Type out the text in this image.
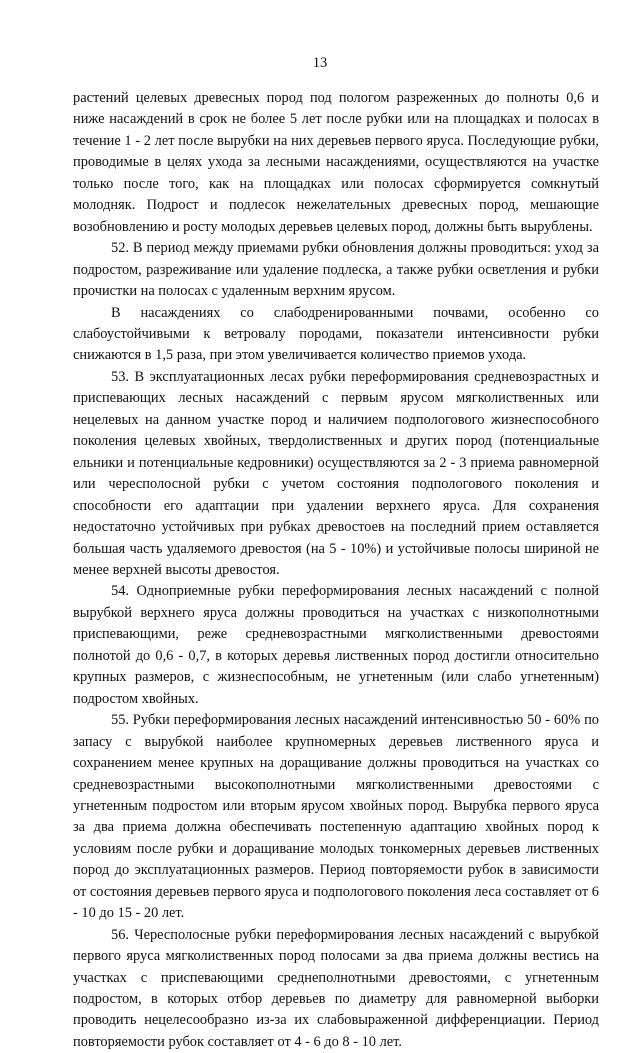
13

растений целевых древесных пород под пологом разреженных до полноты 0,6 и ниже насаждений в срок не более 5 лет после рубки или на площадках и полосах в течение 1 - 2 лет после вырубки на них деревьев первого яруса. Последующие рубки, проводимые в целях ухода за лесными насаждениями, осуществляются на участке только после того, как на площадках или полосах сформируется сомкнутый молодняк. Подрост и подлесок нежелательных древесных пород, мешающие возобновлению и росту молодых деревьев целевых пород, должны быть вырублены.

52. В период между приемами рубки обновления должны проводиться: уход за подростом, разреживание или удаление подлеска, а также рубки осветления и рубки прочистки на полосах с удаленным верхним ярусом.

В насаждениях со слабодренированными почвами, особенно со слабоустойчивыми к ветровалу породами, показатели интенсивности рубки снижаются в 1,5 раза, при этом увеличивается количество приемов ухода.

53. В эксплуатационных лесах рубки переформирования средневозрастных и приспевающих лесных насаждений с первым ярусом мягколиственных или нецелевых на данном участке пород и наличием подпологового жизнеспособного поколения целевых хвойных, твердолиственных и других пород (потенциальные ельники и потенциальные кедровники) осуществляются за 2 - 3 приема равномерной или чересполосной рубки с учетом состояния подпологового поколения и способности его адаптации при удалении верхнего яруса. Для сохранения недостаточно устойчивых при рубках древостоев на последний прием оставляется большая часть удаляемого древостоя (на 5 - 10%) и устойчивые полосы шириной не менее верхней высоты древостоя.

54. Одноприемные рубки переформирования лесных насаждений с полной вырубкой верхнего яруса должны проводиться на участках с низкополнотными приспевающими, реже средневозрастными мягколиственными древостоями полнотой до 0,6 - 0,7, в которых деревья лиственных пород достигли относительно крупных размеров, с жизнеспособным, не угнетенным (или слабо угнетенным) подростом хвойных.

55. Рубки переформирования лесных насаждений интенсивностью 50 - 60% по запасу с вырубкой наиболее крупномерных деревьев лиственного яруса и сохранением менее крупных на доращивание должны проводиться на участках со средневозрастными высокополнотными мягколиственными древостоями с угнетенным подростом или вторым ярусом хвойных пород. Вырубка первого яруса за два приема должна обеспечивать постепенную адаптацию хвойных пород к условиям после рубки и доращивание молодых тонкомерных деревьев лиственных пород до эксплуатационных размеров. Период повторяемости рубок в зависимости от состояния деревьев первого яруса и подпологового поколения леса составляет от 6 - 10 до 15 - 20 лет.

56. Чересполосные рубки переформирования лесных насаждений с вырубкой первого яруса мягколиственных пород полосами за два приема должны вестись на участках с приспевающими среднеполнотными древостоями, с угнетенным подростом, в которых отбор деревьев по диаметру для равномерной выборки проводить нецелесообразно из-за их слабовыраженной дифференциации. Период повторяемости рубок составляет от 4 - 6 до 8 - 10 лет.
